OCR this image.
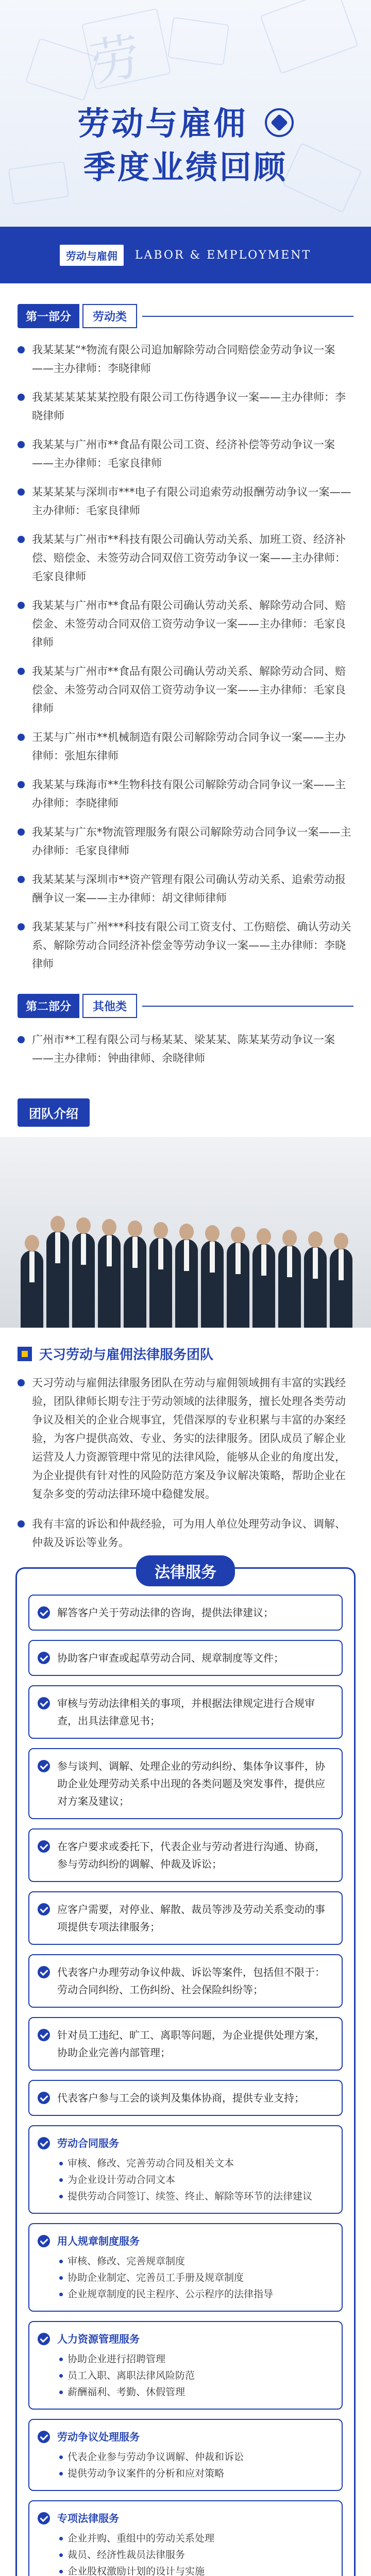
劳
劳动与雇佣
季度业绩回顾
劳动与雇佣	LABOR & EMPLOYMENT
第一部分	劳动类
我某某某“*物流有限公司追加解除劳动合同赔偿金劳动争议一案——主办律师：李晓律师
我某某某某某某控股有限公司工伤待遇争议一案——主办律师：李晓律师
我某某与广州市**食品有限公司工资、经济补偿等劳动争议一案——主办律师：毛家良律师
某某某某与深圳市***电子有限公司追索劳动报酬劳动争议一案——主办律师：毛家良律师
我某某与广州市**科技有限公司确认劳动关系、加班工资、经济补偿、赔偿金、未签劳动合同双倍工资劳动争议一案——主办律师：毛家良律师
我某某与广州市**食品有限公司确认劳动关系、解除劳动合同、赔偿金、未签劳动合同双倍工资劳动争议一案——主办律师：毛家良律师
我某某与广州市**食品有限公司确认劳动关系、解除劳动合同、赔偿金、未签劳动合同双倍工资劳动争议一案——主办律师：毛家良律师
王某与广州市**机械制造有限公司解除劳动合同争议一案——主办律师：张旭东律师
我某某与珠海市**生物科技有限公司解除劳动合同争议一案——主办律师：李晓律师
我某某与广东*物流管理服务有限公司解除劳动合同争议一案——主办律师：毛家良律师
我某某某与深圳市**资产管理有限公司确认劳动关系、追索劳动报酬争议一案——主办律师：胡文律师律师
我某某某与广州***科技有限公司工资支付、工伤赔偿、确认劳动关系、解除劳动合同经济补偿金等劳动争议一案——主办律师：李晓律师
第二部分	其他类
广州市**工程有限公司与杨某某、梁某某、陈某某劳动争议一案——主办律师：钟曲律师、余晓律师
团队介绍
天习劳动与雇佣法律服务团队
天习劳动与雇佣法律服务团队在劳动与雇佣领域拥有丰富的实践经验，团队律师长期专注于劳动领域的法律服务，擅长处理各类劳动争议及相关的企业合规事宜，凭借深厚的专业积累与丰富的办案经验，为客户提供高效、专业、务实的法律服务。团队成员了解企业运营及人力资源管理中常见的法律风险，能够从企业的角度出发，为企业提供有针对性的风险防范方案及争议解决策略，帮助企业在复杂多变的劳动法律环境中稳健发展。
我有丰富的诉讼和仲裁经验，可为用人单位处理劳动争议、调解、仲裁及诉讼等业务。
法律服务
解答客户关于劳动法律的咨询，提供法律建议；
协助客户审查或起草劳动合同、规章制度等文件；
审核与劳动法律相关的事项，并根据法律规定进行合规审查，出具法律意见书；
参与谈判、调解、处理企业的劳动纠纷、集体争议事件，协助企业处理劳动关系中出现的各类问题及突发事件，提供应对方案及建议；
在客户要求或委托下，代表企业与劳动者进行沟通、协商，参与劳动纠纷的调解、仲裁及诉讼；
应客户需要，对停业、解散、裁员等涉及劳动关系变动的事项提供专项法律服务；
代表客户办理劳动争议仲裁、诉讼等案件，包括但不限于：劳动合同纠纷、工伤纠纷、社会保险纠纷等；
针对员工违纪、旷工、离职等问题，为企业提供处理方案，协助企业完善内部管理；
代表客户参与工会的谈判及集体协商，提供专业支持；
劳动合同服务
审核、修改、完善劳动合同及相关文本
为企业设计劳动合同文本
提供劳动合同签订、续签、终止、解除等环节的法律建议
用人规章制度服务
审核、修改、完善规章制度
协助企业制定、完善员工手册及规章制度
企业规章制度的民主程序、公示程序的法律指导
人力资源管理服务
协助企业进行招聘管理
员工入职、离职法律风险防范
薪酬福利、考勤、休假管理
劳动争议处理服务
代表企业参与劳动争议调解、仲裁和诉讼
提供劳动争议案件的分析和应对策略
专项法律服务
企业并购、重组中的劳动关系处理
裁员、经济性裁员法律服务
企业股权激励计划的设计与实施
